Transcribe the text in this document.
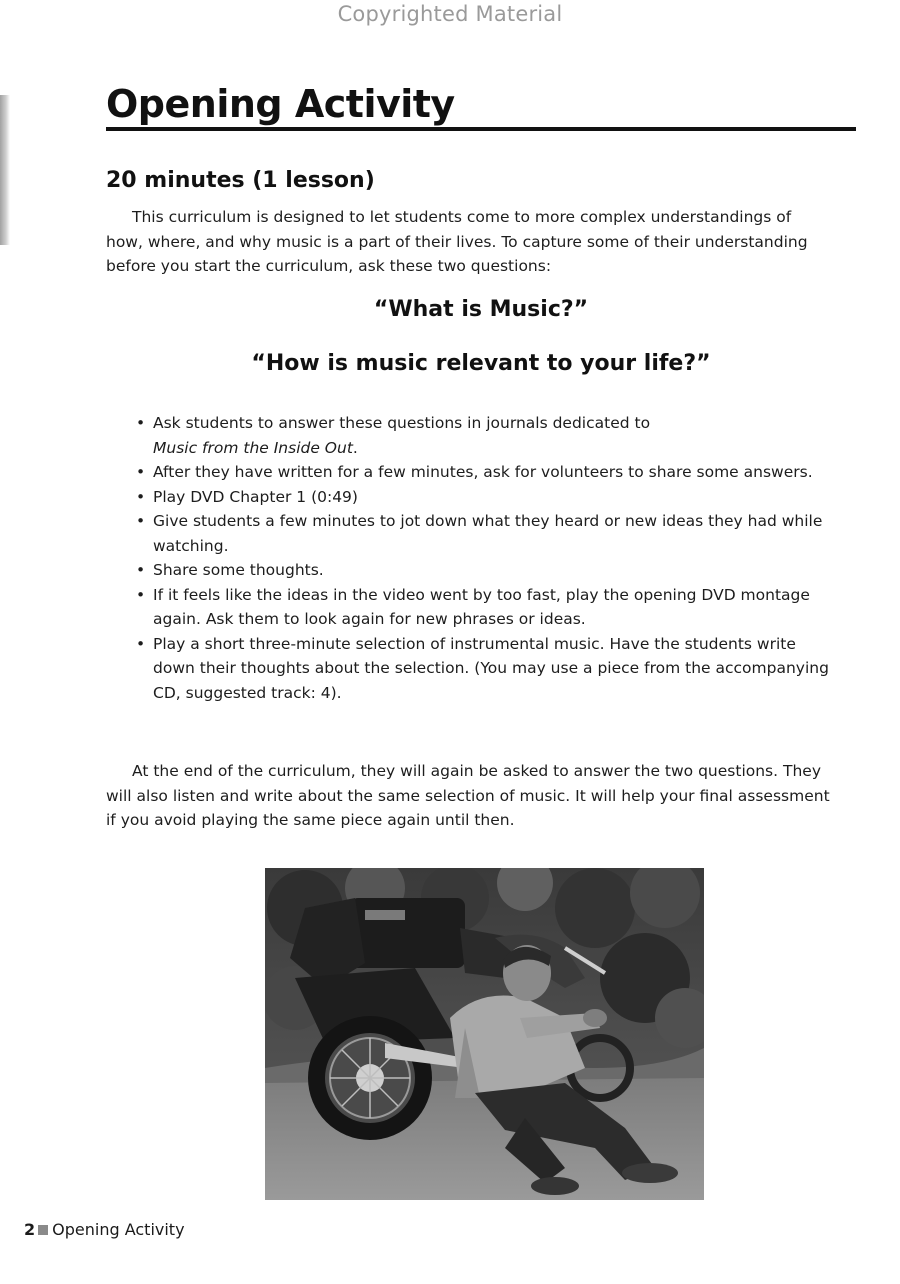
Copyrighted Material
Opening Activity
20 minutes (1 lesson)

This curriculum is designed to let students come to more complex understandings of how, where, and why music is a part of their lives. To capture some of their understanding before you start the curriculum, ask these two questions:

“What is Music?”
“How is music relevant to your life?”
• Ask students to answer these questions in journals dedicated to
Music from the Inside Out.
• After they have written for a few minutes, ask for volunteers to share some answers.
• Play DVD Chapter 1 (0:49)
• Give students a few minutes to jot down what they heard or new ideas they had while watching.
• Share some thoughts.
• If it feels like the ideas in the video went by too fast, play the opening DVD montage again. Ask them to look again for new phrases or ideas.
• Play a short three-minute selection of instrumental music. Have the students write down their thoughts about the selection. (You may use a piece from the accompanying CD, suggested track: 4).

At the end of the curriculum, they will again be asked to answer the two questions. They will also listen and write about the same selection of music. It will help your final assessment if you avoid playing the same piece again until then.

2 Opening Activity
